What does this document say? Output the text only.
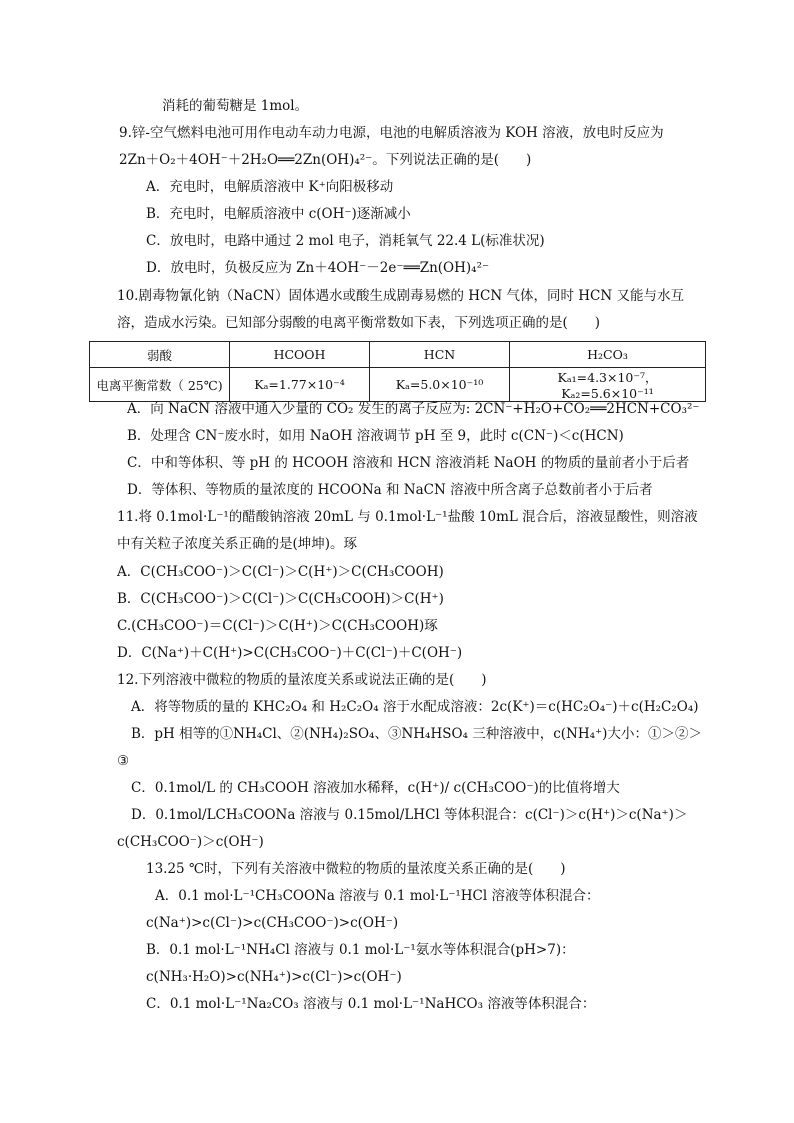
消耗的葡萄糖是 1mol。
9.锌-空气燃料电池可用作电动车动力电源，电池的电解质溶液为 KOH 溶液，放电时反应为
2Zn＋O₂＋4OH⁻＋2H₂O══2Zn(OH)₄²⁻。下列说法正确的是(　　)
A．充电时，电解质溶液中 K⁺向阳极移动
B．充电时，电解质溶液中 c(OH⁻)逐渐减小
C．放电时，电路中通过 2 mol 电子，消耗氧气 22.4 L(标准状况)
D．放电时，负极反应为 Zn＋4OH⁻－2e⁻══Zn(OH)₄²⁻
10.剧毒物氰化钠（NaCN）固体遇水或酸生成剧毒易燃的 HCN 气体，同时 HCN 又能与水互
溶，造成水污染。已知部分弱酸的电离平衡常数如下表，下列选项正确的是(　　)
弱酸	HCOOH	HCN	H₂CO₃
电离平衡常数（ 25℃)	Kₐ=1.77×10⁻⁴	Kₐ=5.0×10⁻¹⁰	Kₐ₁=4.3×10⁻⁷，Kₐ₂=5.6×10⁻¹¹
A．向 NaCN 溶液中通入少量的 CO₂ 发生的离子反应为: 2CN⁻+H₂O+CO₂══2HCN+CO₃²⁻
B．处理含 CN⁻废水时，如用 NaOH 溶液调节 pH 至 9，此时 c(CN⁻)＜c(HCN)
C．中和等体积、等 pH 的 HCOOH 溶液和 HCN 溶液消耗 NaOH 的物质的量前者小于后者
D．等体积、等物质的量浓度的 HCOONa 和 NaCN 溶液中所含离子总数前者小于后者
11.将 0.1mol·L⁻¹的醋酸钠溶液 20mL 与 0.1mol·L⁻¹盐酸 10mL 混合后，溶液显酸性，则溶液
中有关粒子浓度关系正确的是(坤坤)。琢
A．C(CH₃COO⁻)＞C(Cl⁻)＞C(H⁺)＞C(CH₃COOH)
B．C(CH₃COO⁻)＞C(Cl⁻)＞C(CH₃COOH)＞C(H⁺)
C.(CH₃COO⁻)＝C(Cl⁻)＞C(H⁺)＞C(CH₃COOH)琢
D．C(Na⁺)＋C(H⁺)>C(CH₃COO⁻)＋C(Cl⁻)＋C(OH⁻)
12.下列溶液中微粒的物质的量浓度关系或说法正确的是(　　)
A．将等物质的量的 KHC₂O₄ 和 H₂C₂O₄ 溶于水配成溶液：2c(K⁺)＝c(HC₂O₄⁻)＋c(H₂C₂O₄)
B．pH 相等的①NH₄Cl、②(NH₄)₂SO₄、③NH₄HSO₄ 三种溶液中，c(NH₄⁺)大小：①＞②＞
③
C．0.1mol/L 的 CH₃COOH 溶液加水稀释，c(H⁺)/ c(CH₃COO⁻)的比值将增大
D．0.1mol/LCH₃COONa 溶液与 0.15mol/LHCl 等体积混合：c(Cl⁻)＞c(H⁺)＞c(Na⁺)＞
c(CH₃COO⁻)＞c(OH⁻)
13.25 ℃时，下列有关溶液中微粒的物质的量浓度关系正确的是(　　)
A．0.1 mol·L⁻¹CH₃COONa 溶液与 0.1 mol·L⁻¹HCl 溶液等体积混合：
c(Na⁺)>c(Cl⁻)>c(CH₃COO⁻)>c(OH⁻)
B．0.1 mol·L⁻¹NH₄Cl 溶液与 0.1 mol·L⁻¹氨水等体积混合(pH>7)：
c(NH₃·H₂O)>c(NH₄⁺)>c(Cl⁻)>c(OH⁻)
C．0.1 mol·L⁻¹Na₂CO₃ 溶液与 0.1 mol·L⁻¹NaHCO₃ 溶液等体积混合：
